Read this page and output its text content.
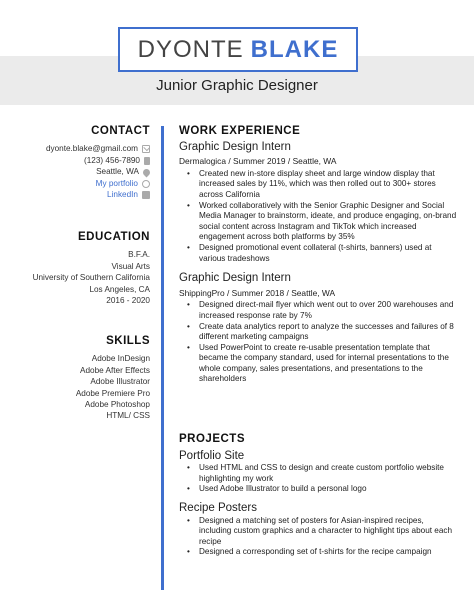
DYONTE BLAKE
Junior Graphic Designer
CONTACT
dyonte.blake@gmail.com
(123) 456-7890
Seattle, WA
My portfolio
LinkedIn
EDUCATION
B.F.A.
Visual Arts
University of Southern California
Los Angeles, CA
2016 - 2020
SKILLS
Adobe InDesign
Adobe After Effects
Adobe Illustrator
Adobe Premiere Pro
Adobe Photoshop
HTML/ CSS
WORK EXPERIENCE
Graphic Design Intern
Dermalogica / Summer 2019 / Seattle, WA
• Created new in-store display sheet and large window display that increased sales by 11%, which was then rolled out to 300+ stores across California
• Worked collaboratively with the Senior Graphic Designer and Social Media Manager to brainstorm, ideate, and produce engaging, on-brand social content across Instagram and TikTok which increased engagement across both platforms by 35%
• Designed promotional event collateral (t-shirts, banners) used at various tradeshows
Graphic Design Intern
ShippingPro / Summer 2018 / Seattle, WA
• Designed direct-mail flyer which went out to over 200 warehouses and increased response rate by 7%
• Create data analytics report to analyze the successes and failures of 8 different marketing campaigns
• Used PowerPoint to create re-usable presentation template that became the company standard, used for internal presentations to the whole company, sales presentations, and presentations to the shareholders
PROJECTS
Portfolio Site
• Used HTML and CSS to design and create custom portfolio website highlighting my work
• Used Adobe Illustrator to build a personal logo
Recipe Posters
• Designed a matching set of posters for Asian-inspired recipes, including custom graphics and a character to highlight tips about each recipe
• Designed a corresponding set of t-shirts for the recipe campaign
